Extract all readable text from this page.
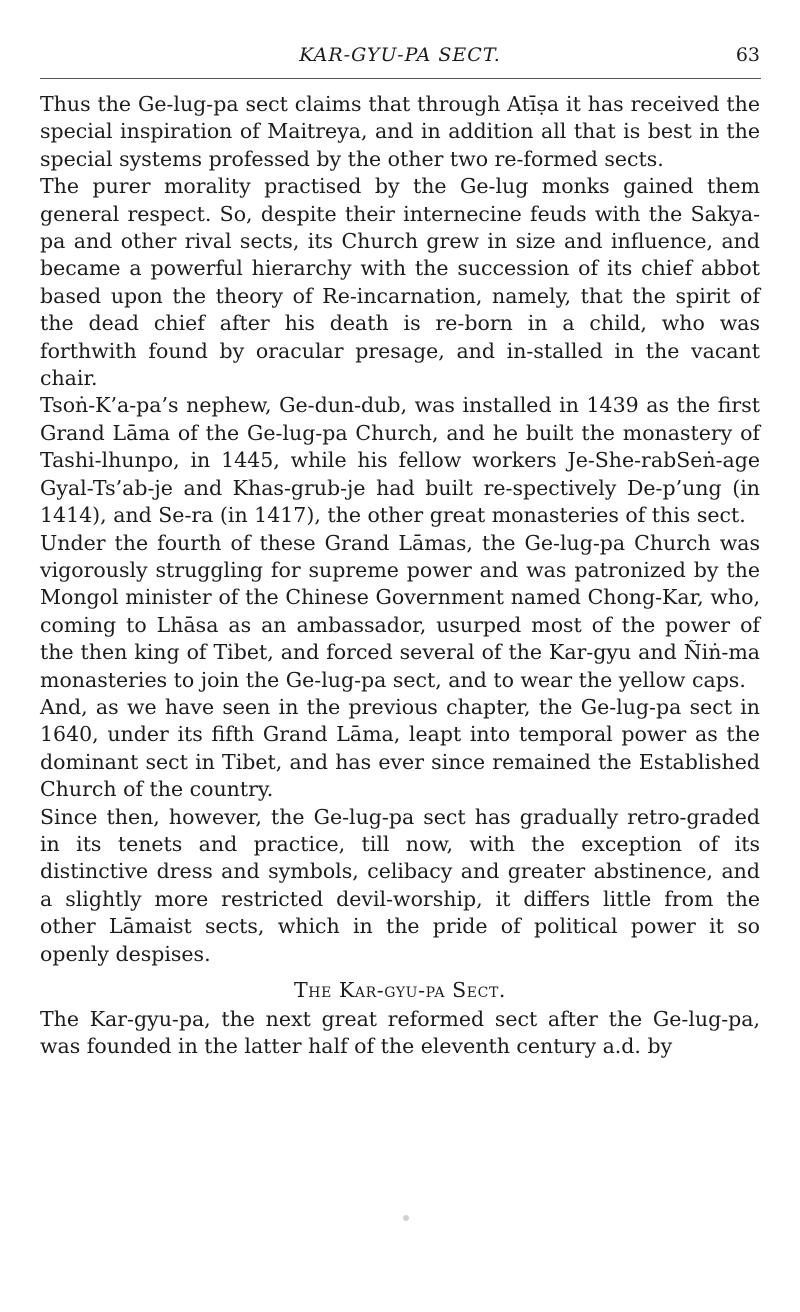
KAR-GYU-PA SECT.	63

Thus the Ge-lug-pa sect claims that through Atīṣa it has received the special inspiration of Maitreya, and in addition all that is best in the special systems professed by the other two re-formed sects.

The purer morality practised by the Ge-lug monks gained them general respect. So, despite their internecine feuds with the Sakya-pa and other rival sects, its Church grew in size and influence, and became a powerful hierarchy with the succession of its chief abbot based upon the theory of Re-incarnation, namely, that the spirit of the dead chief after his death is re-born in a child, who was forthwith found by oracular presage, and in-stalled in the vacant chair.

Tsoṅ-K’a-pa’s nephew, Ge-dun-dub, was installed in 1439 as the first Grand Lāma of the Ge-lug-pa Church, and he built the monastery of Tashi-lhunpo, in 1445, while his fellow workers Je-She-rabSeṅ-age Gyal-Ts’ab-je and Khas-grub-je had built re-spectively De-p’ung (in 1414), and Se-ra (in 1417), the other great monasteries of this sect.

Under the fourth of these Grand Lāmas, the Ge-lug-pa Church was vigorously struggling for supreme power and was patronized by the Mongol minister of the Chinese Government named Chong-Kar, who, coming to Lhāsa as an ambassador, usurped most of the power of the then king of Tibet, and forced several of the Kar-gyu and Ñiṅ-ma monasteries to join the Ge-lug-pa sect, and to wear the yellow caps.

And, as we have seen in the previous chapter, the Ge-lug-pa sect in 1640, under its fifth Grand Lāma, leapt into temporal power as the dominant sect in Tibet, and has ever since remained the Established Church of the country.

Since then, however, the Ge-lug-pa sect has gradually retro-graded in its tenets and practice, till now, with the exception of its distinctive dress and symbols, celibacy and greater abstinence, and a slightly more restricted devil-worship, it differs little from the other Lāmaist sects, which in the pride of political power it so openly despises.

The Kar-gyu-pa Sect.

The Kar-gyu-pa, the next great reformed sect after the Ge-lug-pa, was founded in the latter half of the eleventh century a.d. by
